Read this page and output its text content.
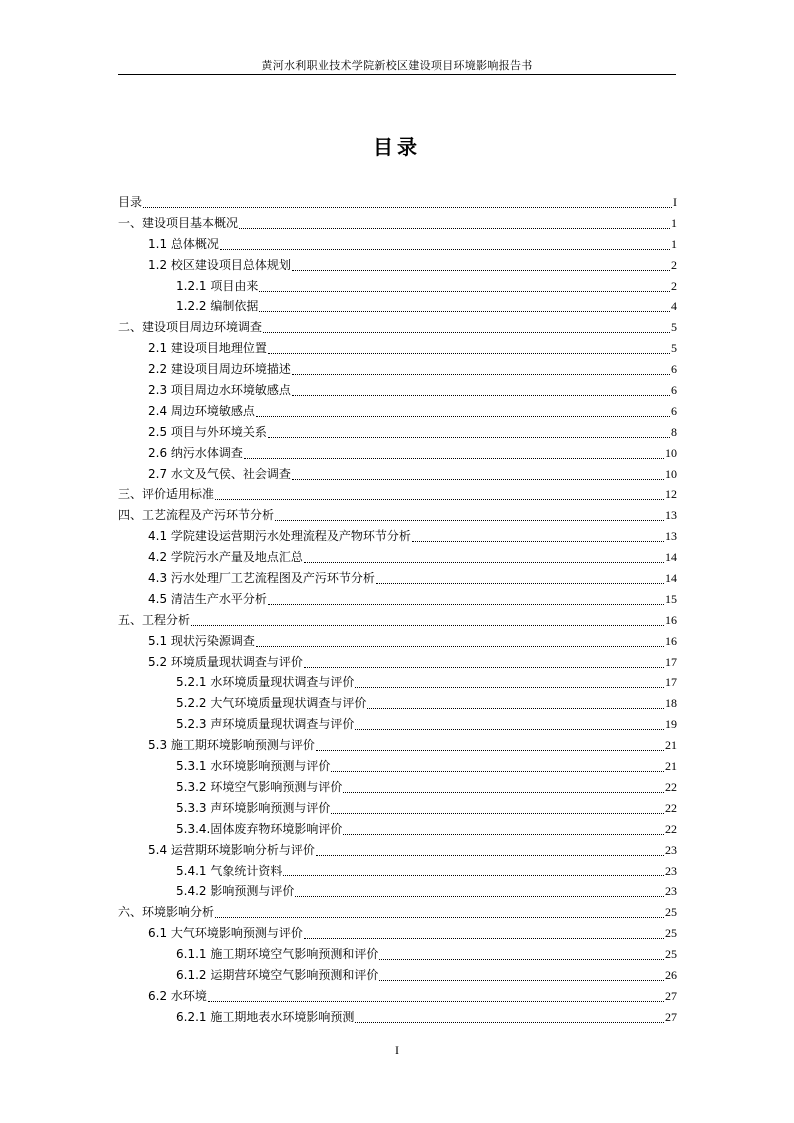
黄河水利职业技术学院新校区建设项目环境影响报告书
目录
目录	I
一、建设项目基本概况	1
1.1 总体概况	1
1.2 校区建设项目总体规划	2
1.2.1 项目由来	2
1.2.2 编制依据	4
二、建设项目周边环境调查	5
2.1 建设项目地理位置	5
2.2 建设项目周边环境描述	6
2.3 项目周边水环境敏感点	6
2.4 周边环境敏感点	6
2.5 项目与外环境关系	8
2.6 纳污水体调查	10
2.7 水文及气侯、社会调查	10
三、评价适用标准	12
四、工艺流程及产污环节分析	13
4.1 学院建设运营期污水处理流程及产物环节分析	13
4.2 学院污水产量及地点汇总	14
4.3 污水处理厂工艺流程图及产污环节分析	14
4.5 清洁生产水平分析	15
五、工程分析	16
5.1 现状污染源调查	16
5.2 环境质量现状调查与评价	17
5.2.1 水环境质量现状调查与评价	17
5.2.2 大气环境质量现状调查与评价	18
5.2.3 声环境质量现状调查与评价	19
5.3 施工期环境影响预测与评价	21
5.3.1 水环境影响预测与评价	21
5.3.2 环境空气影响预测与评价	22
5.3.3 声环境影响预测与评价	22
5.3.4.固体废弃物环境影响评价	22
5.4 运营期环境影响分析与评价	23
5.4.1 气象统计资料	23
5.4.2 影响预测与评价	23
六、环境影响分析	25
6.1 大气环境影响预测与评价	25
6.1.1 施工期环境空气影响预测和评价	25
6.1.2 运期营环境空气影响预测和评价	26
6.2 水环境	27
6.2.1 施工期地表水环境影响预测	27
I
